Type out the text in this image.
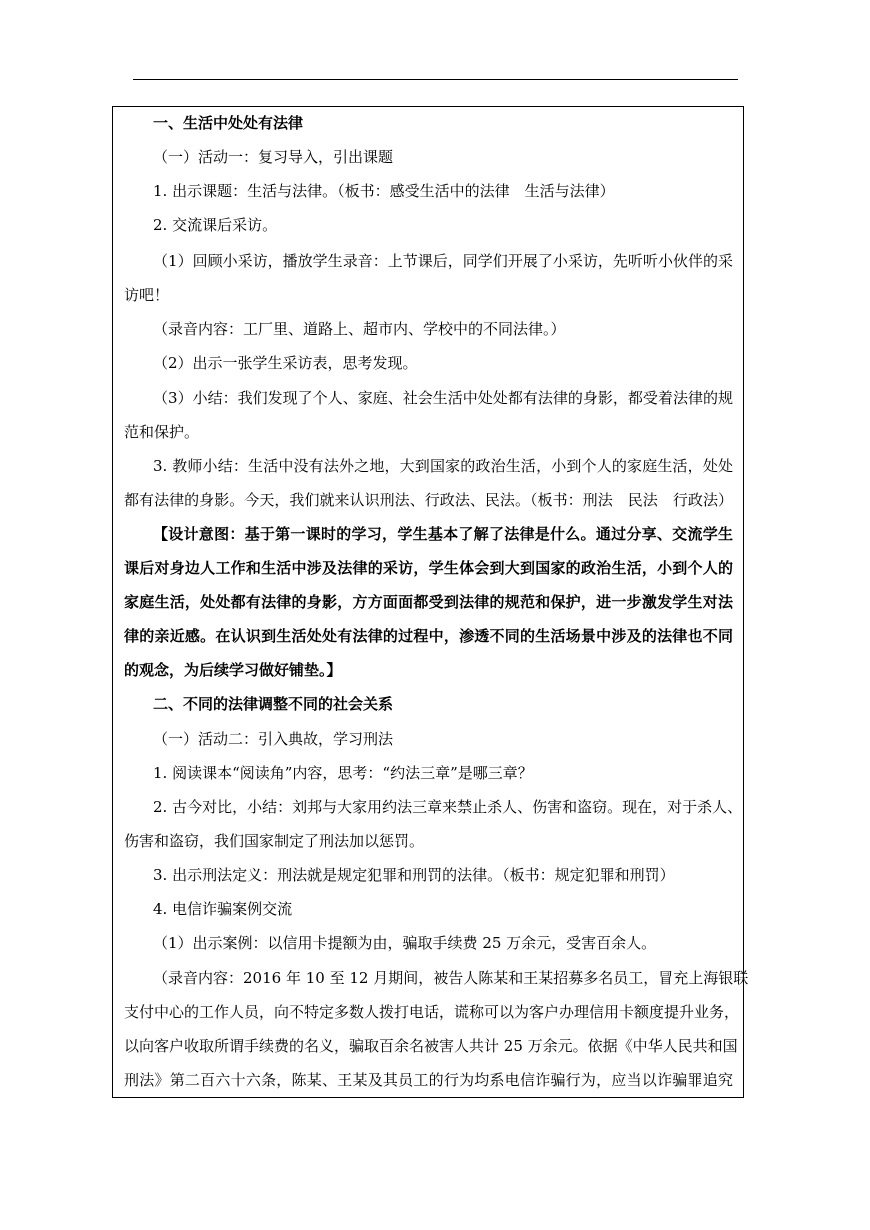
一、生活中处处有法律
（一）活动一：复习导入，引出课题
1. 出示课题：生活与法律。（板书：感受生活中的法律　生活与法律）
2. 交流课后采访。
（1）回顾小采访，播放学生录音：上节课后，同学们开展了小采访，先听听小伙伴的采
访吧！
（录音内容：工厂里、道路上、超市内、学校中的不同法律。）
（2）出示一张学生采访表，思考发现。
（3）小结：我们发现了个人、家庭、社会生活中处处都有法律的身影，都受着法律的规
范和保护。
3. 教师小结：生活中没有法外之地，大到国家的政治生活，小到个人的家庭生活，处处
都有法律的身影。今天，我们就来认识刑法、行政法、民法。（板书：刑法　民法　行政法）
【设计意图：基于第一课时的学习，学生基本了解了法律是什么。通过分享、交流学生
课后对身边人工作和生活中涉及法律的采访，学生体会到大到国家的政治生活，小到个人的
家庭生活，处处都有法律的身影，方方面面都受到法律的规范和保护，进一步激发学生对法
律的亲近感。在认识到生活处处有法律的过程中，渗透不同的生活场景中涉及的法律也不同
的观念，为后续学习做好铺垫。】
二、不同的法律调整不同的社会关系
（一）活动二：引入典故，学习刑法
1. 阅读课本“阅读角”内容，思考：“约法三章”是哪三章？
2. 古今对比，小结：刘邦与大家用约法三章来禁止杀人、伤害和盗窃。现在，对于杀人、
伤害和盗窃，我们国家制定了刑法加以惩罚。
3. 出示刑法定义：刑法就是规定犯罪和刑罚的法律。（板书：规定犯罪和刑罚）
4. 电信诈骗案例交流
（1）出示案例：以信用卡提额为由，骗取手续费 25 万余元，受害百余人。
（录音内容：2016 年 10 至 12 月期间，被告人陈某和王某招募多名员工，冒充上海银联
支付中心的工作人员，向不特定多数人拨打电话，谎称可以为客户办理信用卡额度提升业务，
以向客户收取所谓手续费的名义，骗取百余名被害人共计 25 万余元。依据《中华人民共和国
刑法》第二百六十六条，陈某、王某及其员工的行为均系电信诈骗行为，应当以诈骗罪追究
